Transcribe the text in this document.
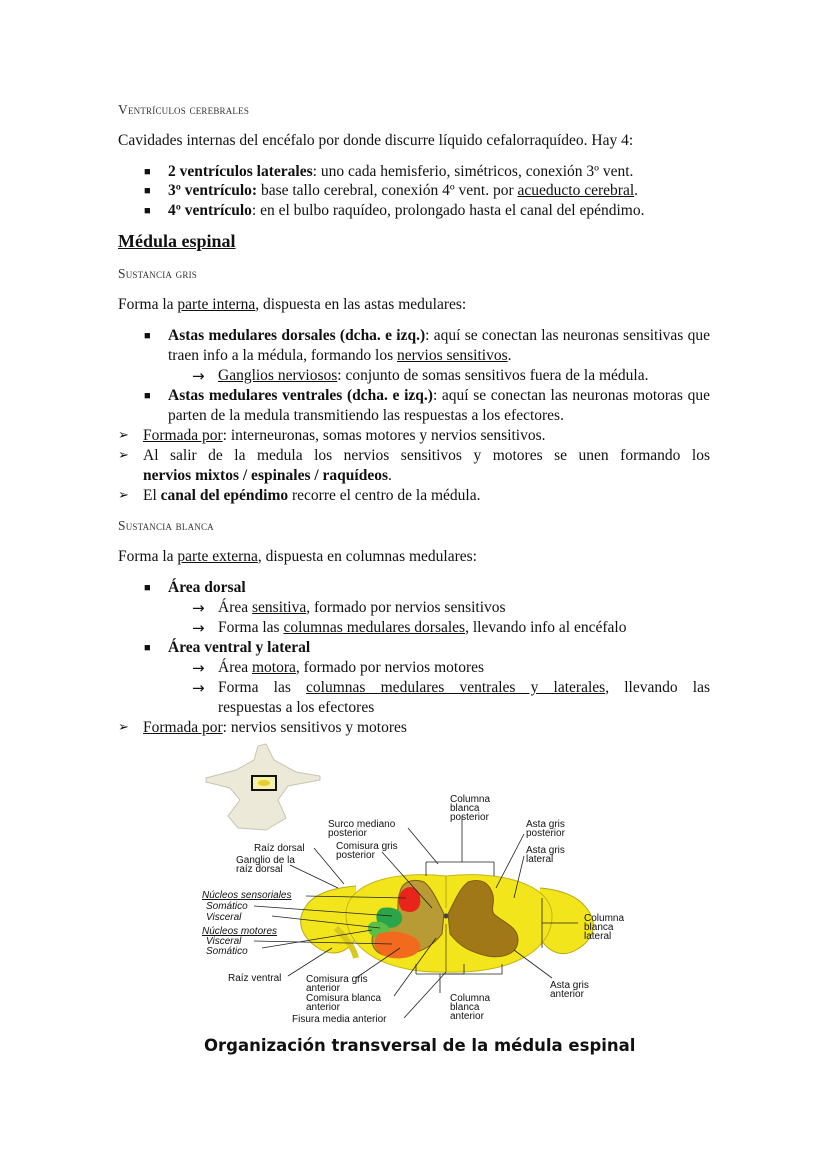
Ventrículos cerebrales
Cavidades internas del encéfalo por donde discurre líquido cefalorraquídeo. Hay 4:
■ 2 ventrículos laterales: uno cada hemisferio, simétricos, conexión 3º vent.
■ 3º ventrículo: base tallo cerebral, conexión 4º vent. por acueducto cerebral.
■ 4º ventrículo: en el bulbo raquídeo, prolongado hasta el canal del epéndimo.
Médula espinal
Sustancia gris
Forma la parte interna, dispuesta en las astas medulares:
■ Astas medulares dorsales (dcha. e izq.): aquí se conectan las neuronas sensitivas que traen info a la médula, formando los nervios sensitivos.
→ Ganglios nerviosos: conjunto de somas sensitivos fuera de la médula.
■ Astas medulares ventrales (dcha. e izq.): aquí se conectan las neuronas motoras que parten de la medula transmitiendo las respuestas a los efectores.
➢ Formada por: interneuronas, somas motores y nervios sensitivos.
➢ Al salir de la medula los nervios sensitivos y motores se unen formando los
nervios mixtos / espinales / raquídeos.
➢ El canal del epéndimo recorre el centro de la médula.
Sustancia blanca
Forma la parte externa, dispuesta en columnas medulares:
■ Área dorsal
→ Área sensitiva, formado por nervios sensitivos
→ Forma las columnas medulares dorsales, llevando info al encéfalo
■ Área ventral y lateral
→ Área motora, formado por nervios motores
→ Forma las columnas medulares ventrales y laterales, llevando las
respuestas a los efectores
➢ Formada por: nervios sensitivos y motores
Columna
blanca
posterior
Surco mediano
posterior
Asta gris
posterior
Raíz dorsal	Comisura gris
posterior	Asta gris
lateral
Ganglio de la
raíz dorsal
Núcleos sensoriales
Somático
Visceral
Núcleos motores
Visceral
Somático
Columna
blanca
lateral
Raíz ventral Comisura gris
anterior
Comisura blanca
anterior
Fisura media anterior
Columna
blanca
anterior
Asta gris
anterior
Organización transversal de la médula espinal
